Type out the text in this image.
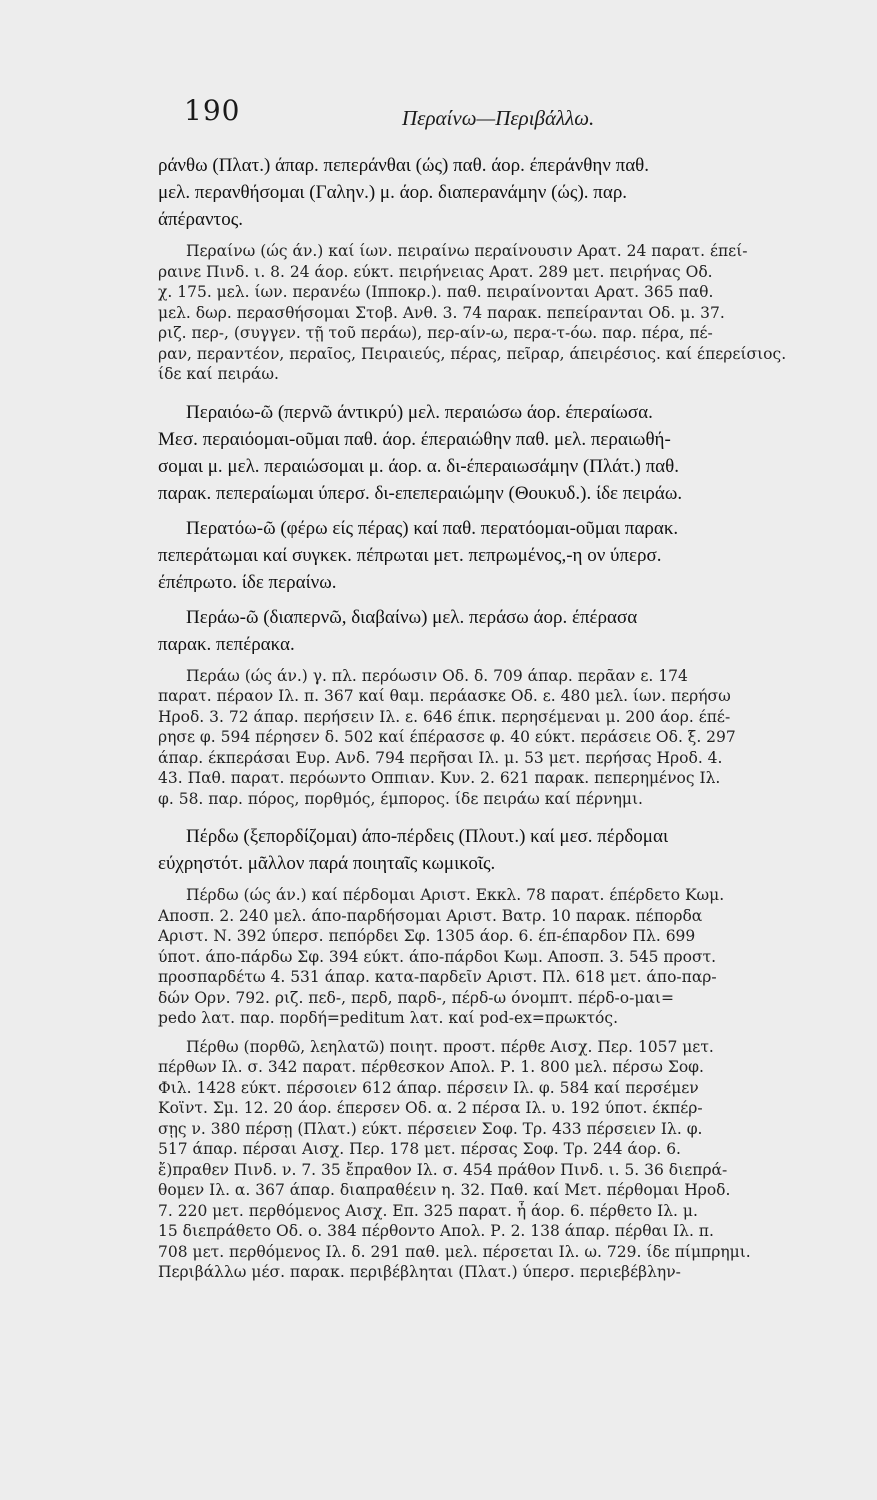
190	Περαίνω—Περιβάλλω.
ράνθω (Πλατ.) άπαρ. πεπεράνθαι (ώς) παθ. άορ. έπεράνθην παθ.
μελ. περανθήσομαι (Γαλην.) μ. άορ. διαπερανάμην (ώς). παρ.
άπέραντος.
Περαίνω (ώς άν.) καί ίων. πειραίνω περαίνουσιν Αρατ. 24 παρατ. έπεί-
ραινε Πινδ. ι. 8. 24 άορ. εύκτ. πειρήνειας Αρατ. 289 μετ. πειρήνας Οδ.
χ. 175. μελ. ίων. περανέω (Ιπποκρ.). παθ. πειραίνονται Αρατ. 365 παθ.
μελ. δωρ. περασθήσομαι Στοβ. Ανθ. 3. 74 παρακ. πεπείρανται Οδ. μ. 37.
ριζ. περ-, (συγγεν. τῇ τοῦ περάω), περ-αίν-ω, περα-τ-όω. παρ. πέρα, πέ-
ραν, περαντέον, περαῖος, Πειραιεύς, πέρας, πεῖραρ, άπειρέσιος. καί έπερείσιος.
ίδε καί πειράω.
Περαιόω-ῶ (περνῶ άντικρύ) μελ. περαιώσω άορ. έπεραίωσα.
Μεσ. περαιόομαι-οῦμαι παθ. άορ. έπεραιώθην παθ. μελ. περαιωθή-
σομαι μ. μελ. περαιώσομαι μ. άορ. α. δι-έπεραιωσάμην (Πλάτ.) παθ.
παρακ. πεπεραίωμαι ύπερσ. δι-επεπεραιώμην (Θουκυδ.). ίδε πειράω.
Περατόω-ῶ (φέρω είς πέρας) καί παθ. περατόομαι-οῦμαι παρακ.
πεπεράτωμαι καί συγκεκ. πέπρωται μετ. πεπρωμένος,-η ον ύπερσ.
έπέπρωτο. ίδε περαίνω.
Περάω-ῶ (διαπερνῶ, διαβαίνω) μελ. περάσω άορ. έπέρασα
παρακ. πεπέρακα.
Περάω (ώς άν.) γ. πλ. περόωσιν Οδ. δ. 709 άπαρ. περᾶαν ε. 174
παρατ. πέραον Ιλ. π. 367 καί θαμ. περάασκε Οδ. ε. 480 μελ. ίων. περήσω
Ηροδ. 3. 72 άπαρ. περήσειν Ιλ. ε. 646 έπικ. περησέμεναι μ. 200 άορ. έπέ-
ρησε φ. 594 πέρησεν δ. 502 καί έπέρασσε φ. 40 εύκτ. περάσειε Οδ. ξ. 297
άπαρ. έκπεράσαι Ευρ. Ανδ. 794 περῆσαι Ιλ. μ. 53 μετ. περήσας Ηροδ. 4.
43. Παθ. παρατ. περόωντο Οππιαν. Κυν. 2. 621 παρακ. πεπερημένος Ιλ.
φ. 58. παρ. πόρος, πορθμός, έμπορος. ίδε πειράω καί πέρνημι.
Πέρδω (ξεπορδίζομαι) άπο-πέρδεις (Πλουτ.) καί μεσ. πέρδομαι
εύχρηστότ. μᾶλλον παρά ποιηταῖς κωμικοῖς.
Πέρδω (ώς άν.) καί πέρδομαι Αριστ. Εκκλ. 78 παρατ. έπέρδετο Κωμ.
Αποσπ. 2. 240 μελ. άπο-παρδήσομαι Αριστ. Βατρ. 10 παρακ. πέπορδα
Αριστ. Ν. 392 ύπερσ. πεπόρδει Σφ. 1305 άορ. 6. έπ-έπαρδον Πλ. 699
ύποτ. άπο-πάρδω Σφ. 394 εύκτ. άπο-πάρδοι Κωμ. Αποσπ. 3. 545 προστ.
προσπαρδέτω 4. 531 άπαρ. κατα-παρδεῖν Αριστ. Πλ. 618 μετ. άπο-παρ-
δών Ορν. 792. ριζ. πεδ-, περδ, παρδ-, πέρδ-ω όνομπτ. πέρδ-ο-μαι=
pedo λατ. παρ. πορδή=peditum λατ. καί pod-ex=πρωκτός.
Πέρθω (πορθῶ, λεηλατῶ) ποιητ. προστ. πέρθε Αισχ. Περ. 1057 μετ.
πέρθων Ιλ. σ. 342 παρατ. πέρθεσκον Απολ. Ρ. 1. 800 μελ. πέρσω Σοφ.
Φιλ. 1428 εύκτ. πέρσοιεν 612 άπαρ. πέρσειν Ιλ. φ. 584 καί περσέμεν
Κοϊντ. Σμ. 12. 20 άορ. έπερσεν Οδ. α. 2 πέρσα Ιλ. υ. 192 ύποτ. έκπέρ-
σῃς ν. 380 πέρσῃ (Πλατ.) εύκτ. πέρσειεν Σοφ. Τρ. 433 πέρσειεν Ιλ. φ.
517 άπαρ. πέρσαι Αισχ. Περ. 178 μετ. πέρσας Σοφ. Τρ. 244 άορ. 6.
ἔ)πραθεν Πινδ. ν. 7. 35 ἔπραθον Ιλ. σ. 454 πράθον Πινδ. ι. 5. 36 διεπρά-
θομεν Ιλ. α. 367 άπαρ. διαπραθέειν η. 32. Παθ. καί Μετ. πέρθομαι Ηροδ.
7. 220 μετ. περθόμενος Αισχ. Επ. 325 παρατ. ἦ άορ. 6. πέρθετο Ιλ. μ.
15 διεπράθετο Οδ. ο. 384 πέρθοντο Απολ. Ρ. 2. 138 άπαρ. πέρθαι Ιλ. π.
708 μετ. περθόμενος Ιλ. δ. 291 παθ. μελ. πέρσεται Ιλ. ω. 729. ίδε πίμπρημι.
Περιβάλλω μέσ. παρακ. περιβέβληται (Πλατ.) ύπερσ. περιεβέβλην-
